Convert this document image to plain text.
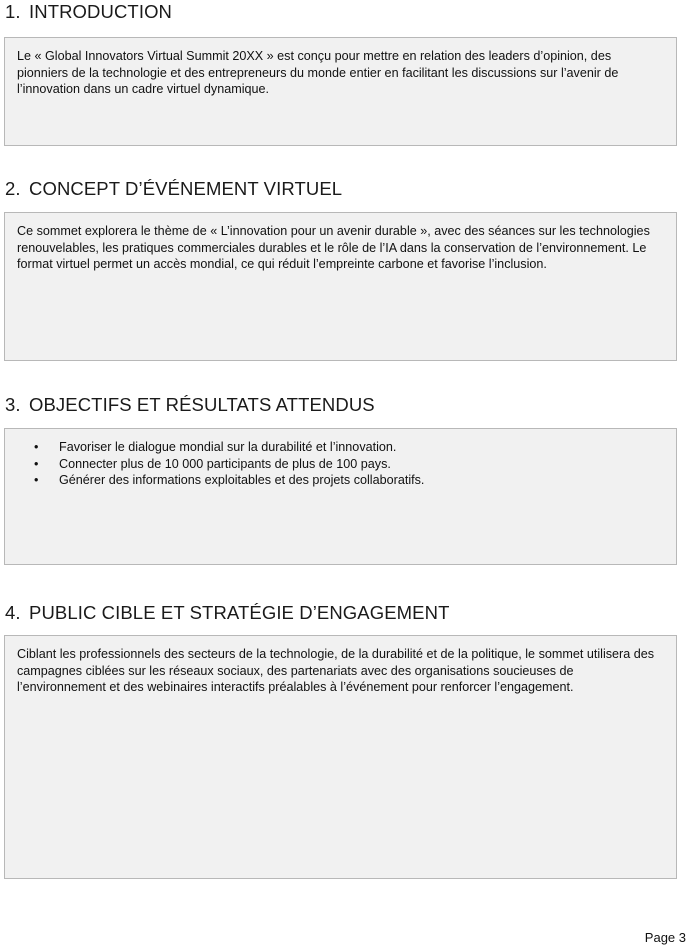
1. INTRODUCTION

Le « Global Innovators Virtual Summit 20XX » est conçu pour mettre en relation des leaders d’opinion, des pionniers de la technologie et des entrepreneurs du monde entier en facilitant les discussions sur l’avenir de l’innovation dans un cadre virtuel dynamique.

2. CONCEPT D’ÉVÉNEMENT VIRTUEL

Ce sommet explorera le thème de « L’innovation pour un avenir durable », avec des séances sur les technologies renouvelables, les pratiques commerciales durables et le rôle de l’IA dans la conservation de l’environnement. Le format virtuel permet un accès mondial, ce qui réduit l’empreinte carbone et favorise l’inclusion.

3. OBJECTIFS ET RÉSULTATS ATTENDUS
• Favoriser le dialogue mondial sur la durabilité et l’innovation.
• Connecter plus de 10 000 participants de plus de 100 pays.
• Générer des informations exploitables et des projets collaboratifs.
4. PUBLIC CIBLE ET STRATÉGIE D’ENGAGEMENT

Ciblant les professionnels des secteurs de la technologie, de la durabilité et de la politique, le sommet utilisera des campagnes ciblées sur les réseaux sociaux, des partenariats avec des organisations soucieuses de l’environnement et des webinaires interactifs préalables à l’événement pour renforcer l’engagement.

Page 3
